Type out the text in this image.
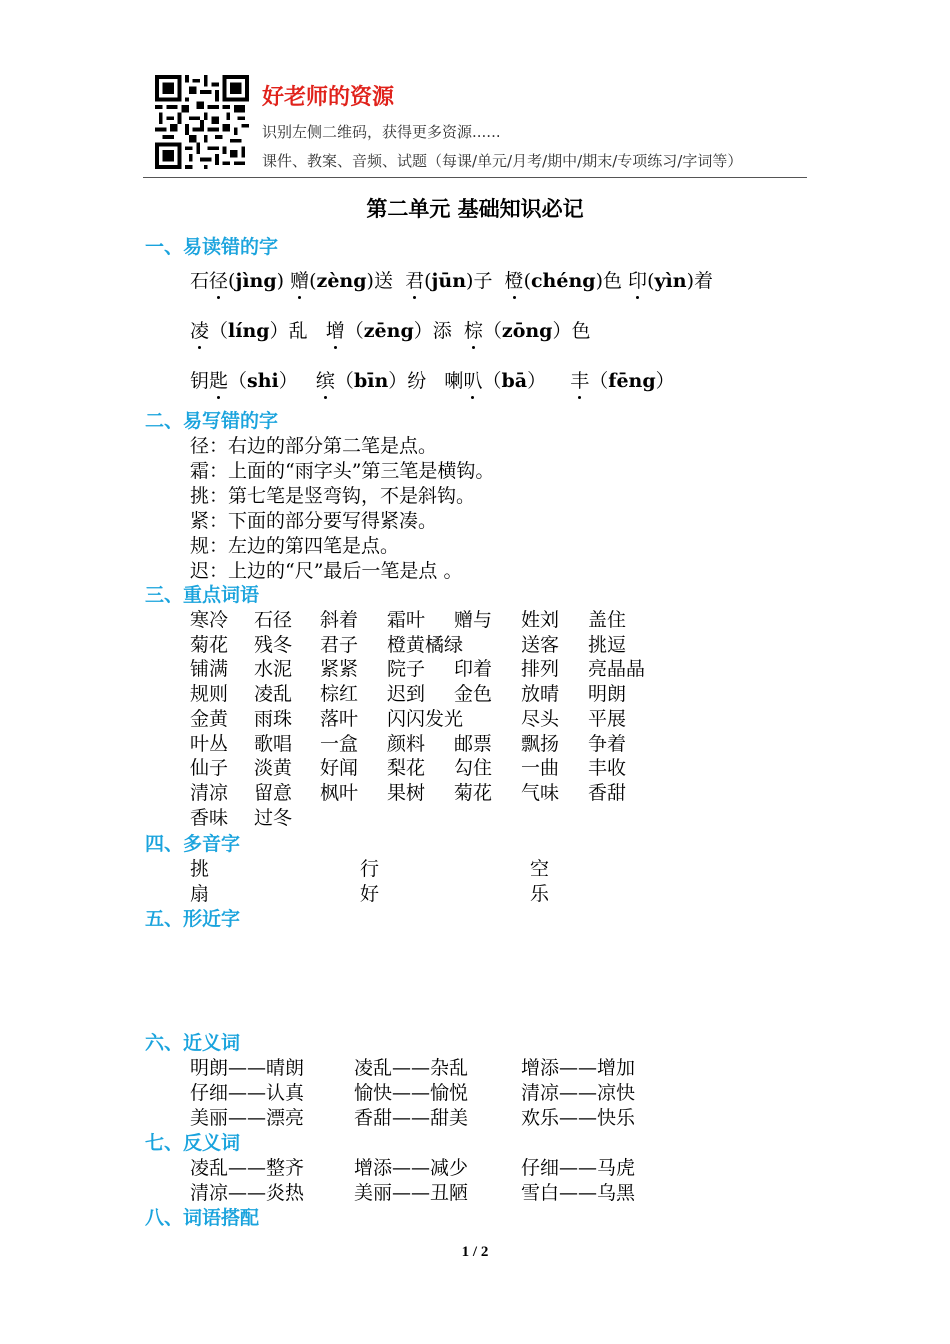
好老师的资源
识别左侧二维码，获得更多资源......
课件、教案、音频、试题（每课/单元/月考/期中/期末/专项练习/字词等）
第二单元 基础知识必记
一、易读错的字
石径(jìng) 赠(zèng)送 君(jūn)子 橙(chéng)色 印(yìn)着
凌（líng）乱 增（zēng）添 棕（zōng）色
钥匙（shi）   缤（bīn）纷 喇叭（bā）    丰（fēng）
二、易写错的字
径：右边的部分第二笔是点。
霜：上面的“雨字头”第三笔是横钩。
挑：第七笔是竖弯钩，不是斜钩。
紧：下面的部分要写得紧凑。
规：左边的第四笔是点。
迟：上边的“尺”最后一笔是点 。
三、重点词语
寒冷 石径 斜着 霜叶 赠与 姓刘 盖住
菊花 残冬 君子 橙黄橘绿	送客 挑逗
铺满 水泥 紧紧 院子 印着 排列 亮晶晶
规则 凌乱 棕红 迟到 金色 放晴 明朗
金黄 雨珠 落叶 闪闪发光	尽头 平展
叶丛 歌唱 一盒 颜料 邮票 飘扬 争着
仙子 淡黄 好闻 梨花 勾住 一曲 丰收
清凉 留意 枫叶 果树 菊花 气味 香甜
香味 过冬
四、多音字
挑	行	空
扇	好	乐
五、形近字
六、近义词
明朗——晴朗	凌乱——杂乱	增添——增加
仔细——认真	愉快——愉悦	清凉——凉快
美丽——漂亮	香甜——甜美	欢乐——快乐
七、反义词
凌乱——整齐	增添——减少	仔细——马虎
清凉——炎热	美丽——丑陋	雪白——乌黑
八、词语搭配
1 / 2
